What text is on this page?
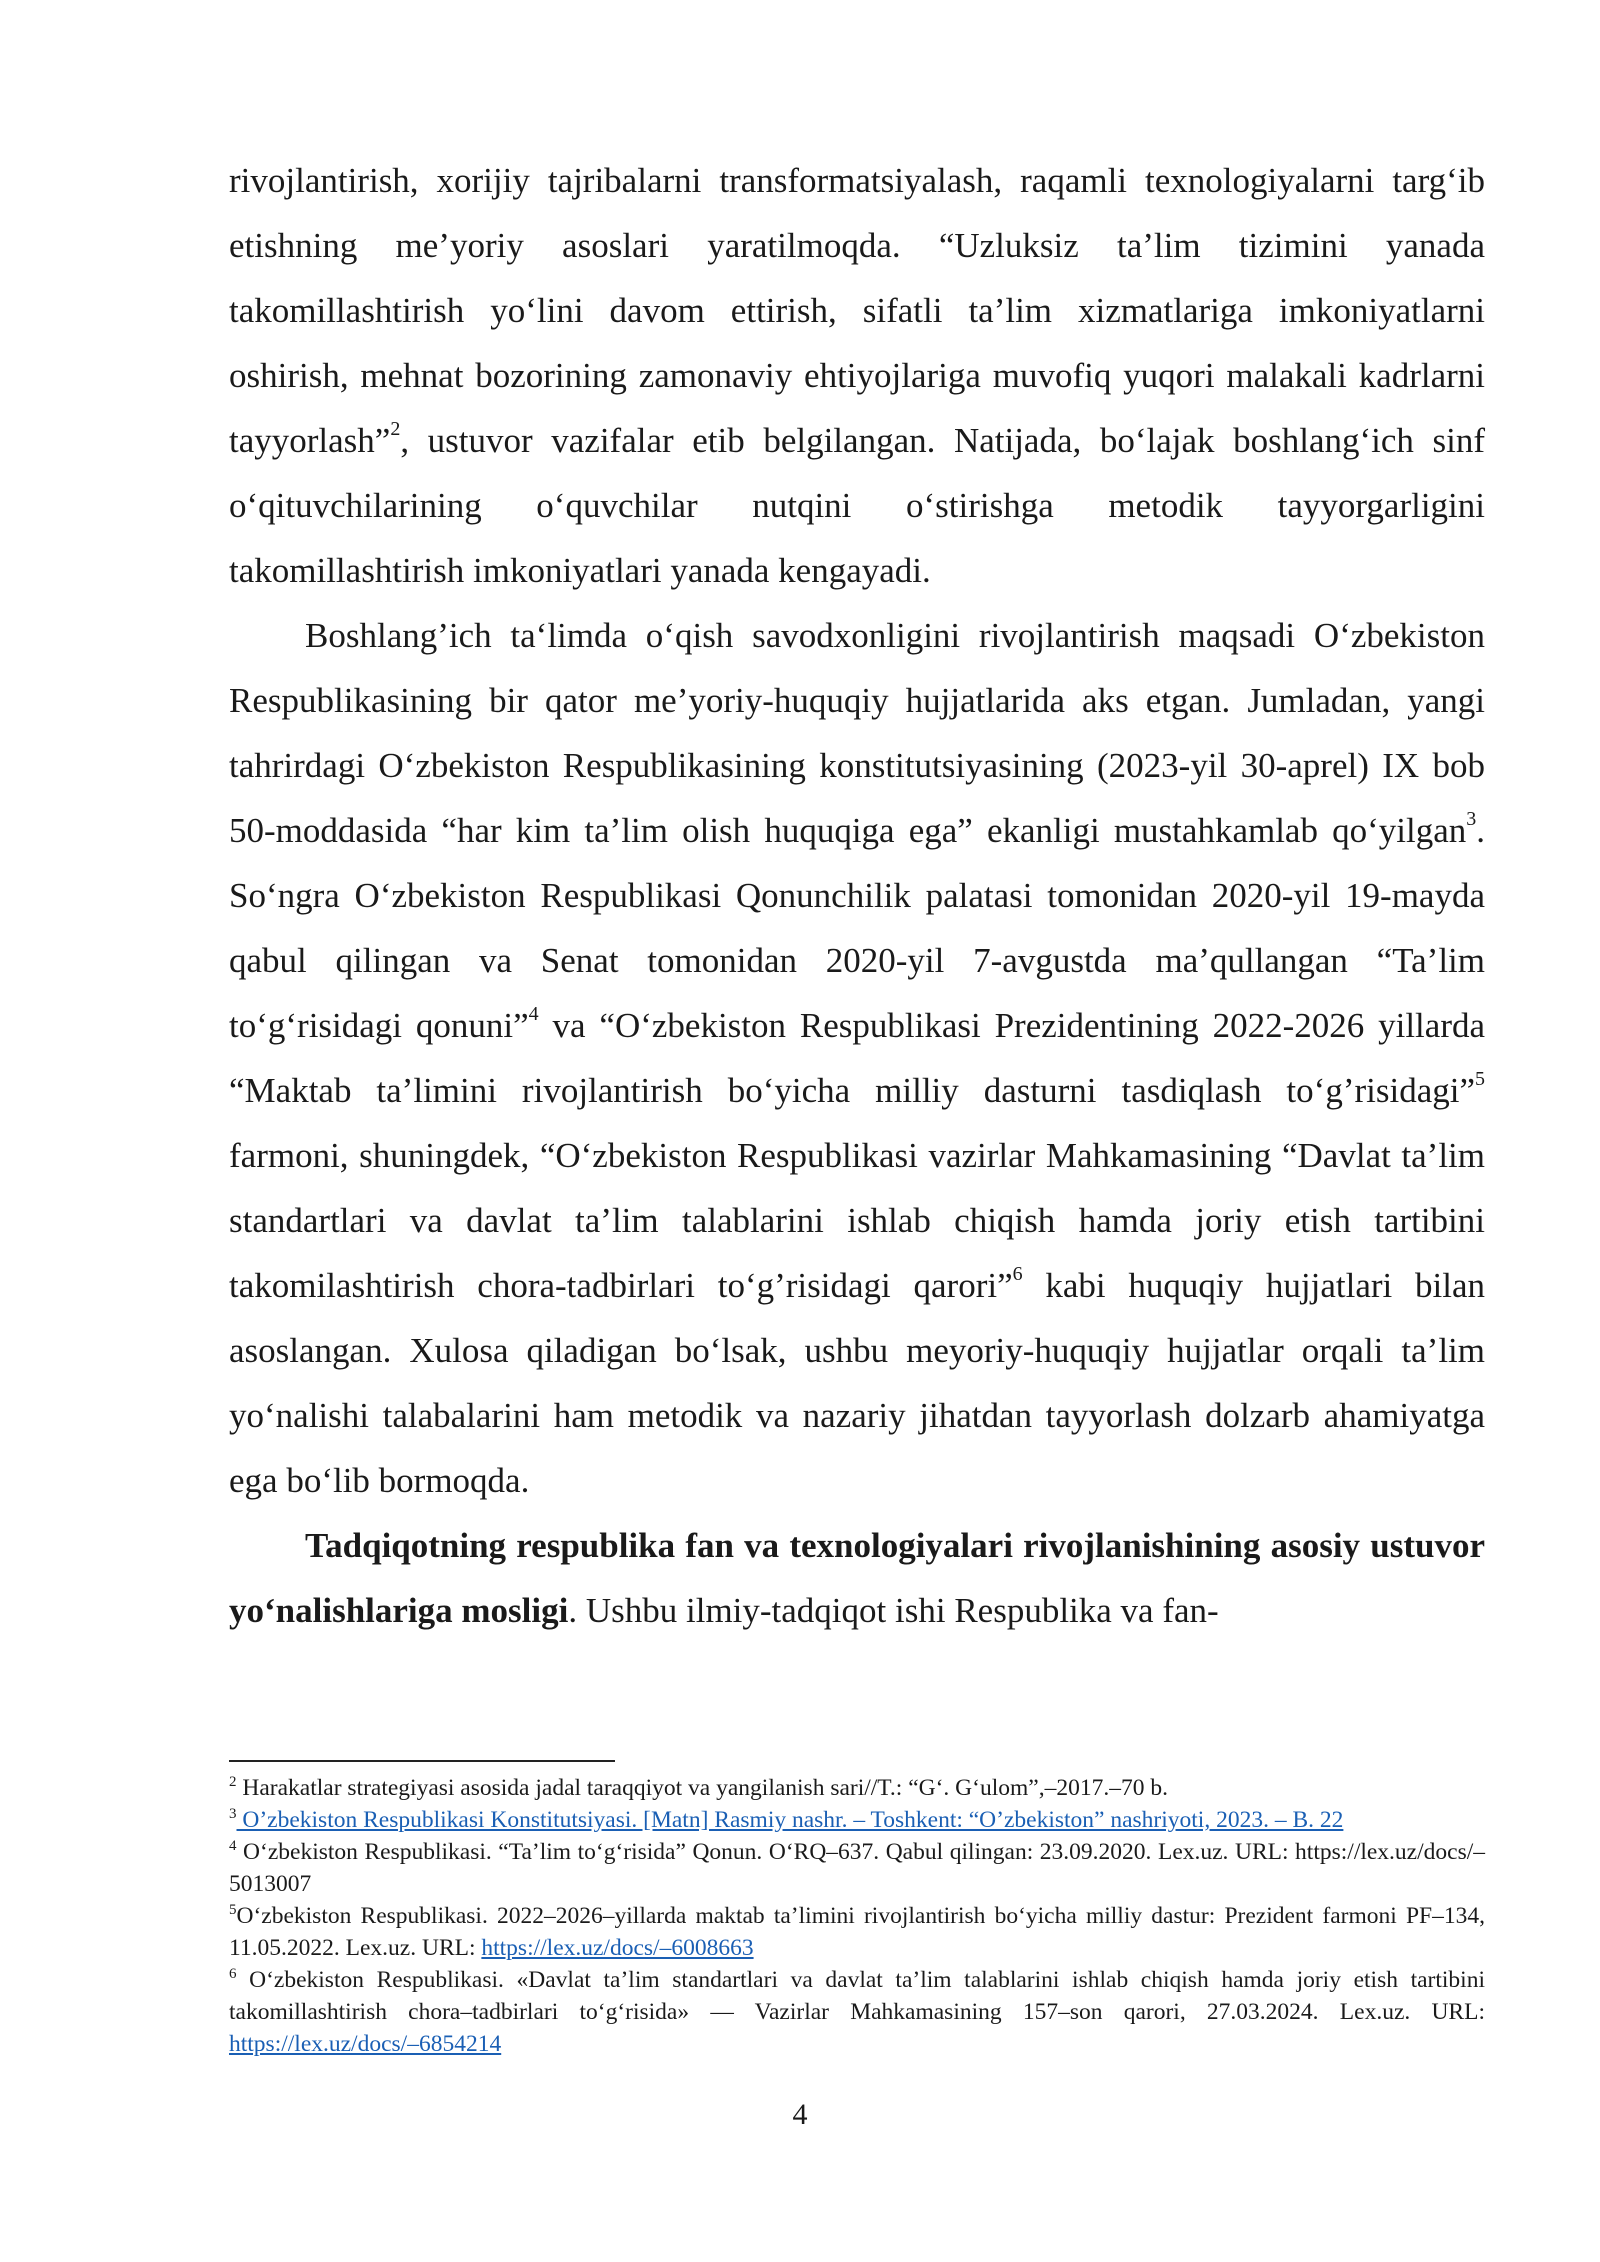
rivojlantirish, xorijiy tajribalarni transformatsiyalash, raqamli texnologiyalarni targ‘ib etishning me’yoriy asoslari yaratilmoqda. “Uzluksiz ta’lim tizimini yanada takomillashtirish yo‘lini davom ettirish, sifatli ta’lim xizmatlariga imkoniyatlarni oshirish, mehnat bozorining zamonaviy ehtiyojlariga muvofiq yuqori malakali kadrlarni tayyorlash”$^2$, ustuvor vazifalar etib belgilangan. Natijada, bo‘lajak boshlang‘ich sinf o‘qituvchilarining o‘quvchilar nutqini o‘stirishga metodik tayyorgarligini takomillashtirish imkoniyatlari yanada kengayadi.

Boshlang’ich ta‘limda o‘qish savodxonligini rivojlantirish maqsadi O‘zbekiston Respublikasining bir qator me’yoriy-huquqiy hujjatlarida aks etgan. Jumladan, yangi tahrirdagi O‘zbekiston Respublikasining konstitutsiyasining (2023-yil 30-aprel) IX bob 50-moddasida “har kim ta’lim olish huquqiga ega” ekanligi mustahkamlab qo‘yilgan$^3$. So‘ngra O‘zbekiston Respublikasi Qonunchilik palatasi tomonidan 2020-yil 19-mayda qabul qilingan va Senat tomonidan 2020-yil 7-avgustda ma’qullangan “Ta’lim to‘g‘risidagi qonuni”$^4$ va “O‘zbekiston Respublikasi Prezidentining 2022-2026 yillarda “Maktab ta’limini rivojlantirish bo‘yicha milliy dasturni tasdiqlash to‘g’risidagi”$^5$ farmoni, shuningdek, “O‘zbekiston Respublikasi vazirlar Mahkamasining “Davlat ta’lim standartlari va davlat ta’lim talablarini ishlab chiqish hamda joriy etish tartibini takomilashtirish chora-tadbirlari to‘g’risidagi qarori”$^6$ kabi huquqiy hujjatlari bilan asoslangan. Xulosa qiladigan bo‘lsak, ushbu meyoriy-huquqiy hujjatlar orqali ta’lim yo‘nalishi talabalarini ham metodik va nazariy jihatdan tayyorlash dolzarb ahamiyatga ega bo‘lib bormoqda.

Tadqiqotning respublika fan va texnologiyalari rivojlanishining asosiy ustuvor yo‘nalishlariga mosligi. Ushbu ilmiy-tadqiqot ishi Respublika va fan-

$^2$ Harakatlar strategiyasi asosida jadal taraqqiyot va yangilanish sari//T.: “G‘. G‘ulom”,–2017.–70 b.

$^3$ O’zbekiston Respublikasi Konstitutsiyasi. [Matn] Rasmiy nashr. – Toshkent: “O’zbekiston” nashriyoti, 2023. – B. 22

$^4$ O‘zbekiston Respublikasi. “Ta’lim to‘g‘risida” Qonun. O‘RQ–637. Qabul qilingan: 23.09.2020. Lex.uz. URL: https://lex.uz/docs/–5013007

$^5$O‘zbekiston Respublikasi. 2022–2026–yillarda maktab ta’limini rivojlantirish bo‘yicha milliy dastur: Prezident farmoni PF–134, 11.05.2022. Lex.uz. URL: https://lex.uz/docs/–6008663

$^6$ O‘zbekiston Respublikasi. «Davlat ta’lim standartlari va davlat ta’lim talablarini ishlab chiqish hamda joriy etish tartibini takomillashtirish chora–tadbirlari to‘g‘risida» — Vazirlar Mahkamasining 157–son qarori, 27.03.2024. Lex.uz. URL: https://lex.uz/docs/–6854214

4
